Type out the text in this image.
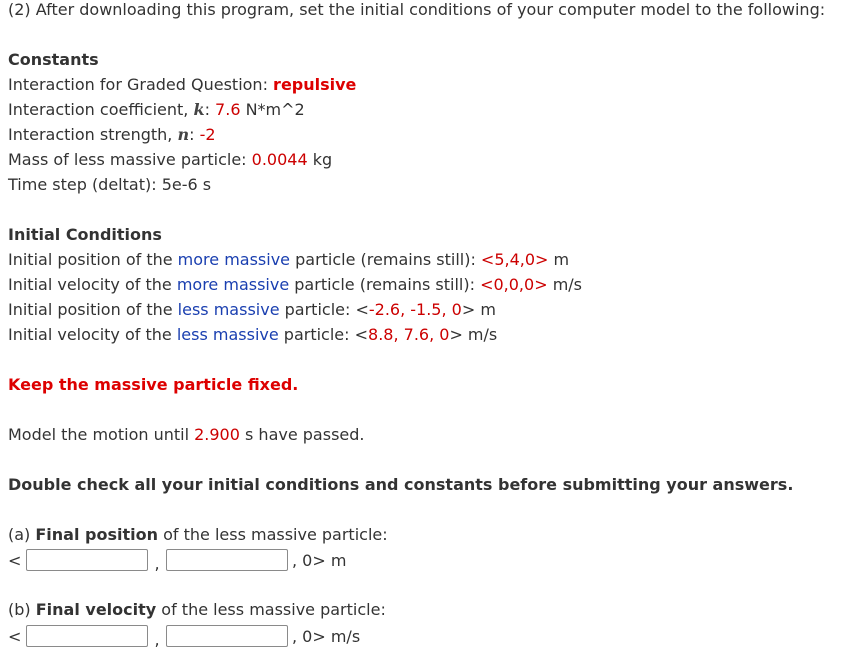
(2) After downloading this program, set the initial conditions of your computer model to the following:
Constants
Interaction for Graded Question: repulsive
Interaction coefficient, k: 7.6 N*m^2
Interaction strength, n: -2
Mass of less massive particle: 0.0044 kg
Time step (deltat): 5e-6 s
Initial Conditions
Initial position of the more massive particle (remains still): <5,4,0> m
Initial velocity of the more massive particle (remains still): <0,0,0> m/s
Initial position of the less massive particle: <-2.6, -1.5, 0> m
Initial velocity of the less massive particle: <8.8, 7.6, 0> m/s
Keep the massive particle fixed.
Model the motion until 2.900 s have passed.
Double check all your initial conditions and constants before submitting your answers.
(a) Final position of the less massive particle:
<	,	, 0> m
(b) Final velocity of the less massive particle:
<	,	, 0> m/s
